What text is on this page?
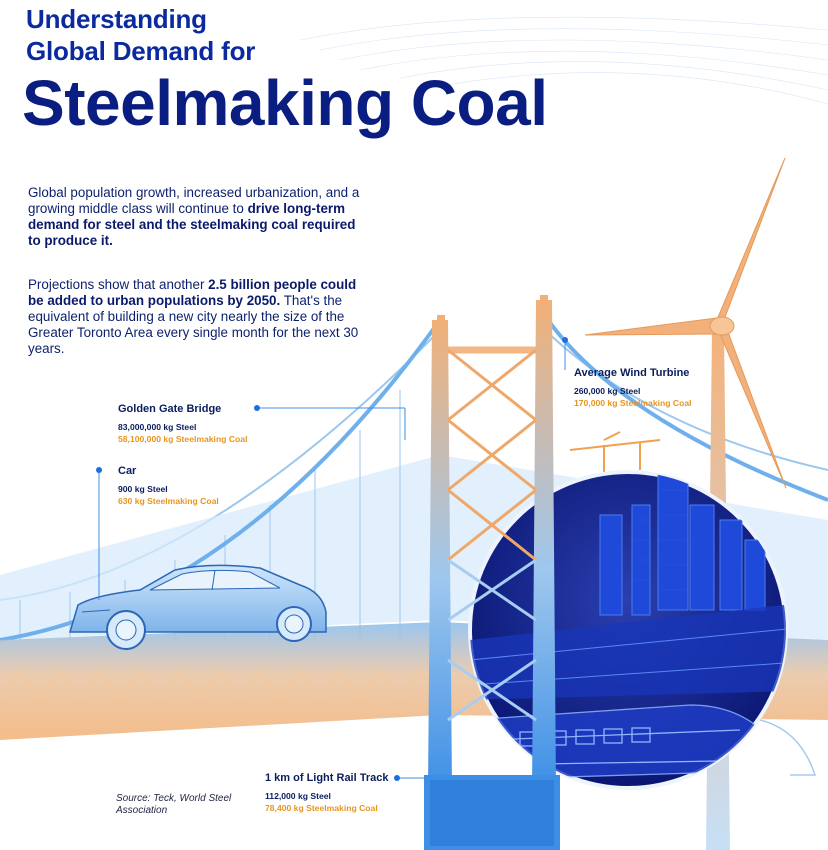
Understanding
Global Demand for
Steelmaking Coal

Global population growth, increased urbanization, and a growing middle class will continue to drive long-term demand for steel and the steelmaking coal required to produce it.

Projections show that another 2.5 billion people could be added to urban populations by 2050. That's the equivalent of building a new city nearly the size of the Greater Toronto Area every single month for the next 30 years.

Golden Gate Bridge
83,000,000 kg Steel
58,100,000 kg Steelmaking Coal
Car
900 kg Steel
630 kg Steelmaking Coal
Average Wind Turbine
260,000 kg Steel
170,000 kg Steelmaking Coal
1 km of Light Rail Track
112,000 kg Steel
78,400 kg Steelmaking Coal
Source: Teck, World Steel Association
